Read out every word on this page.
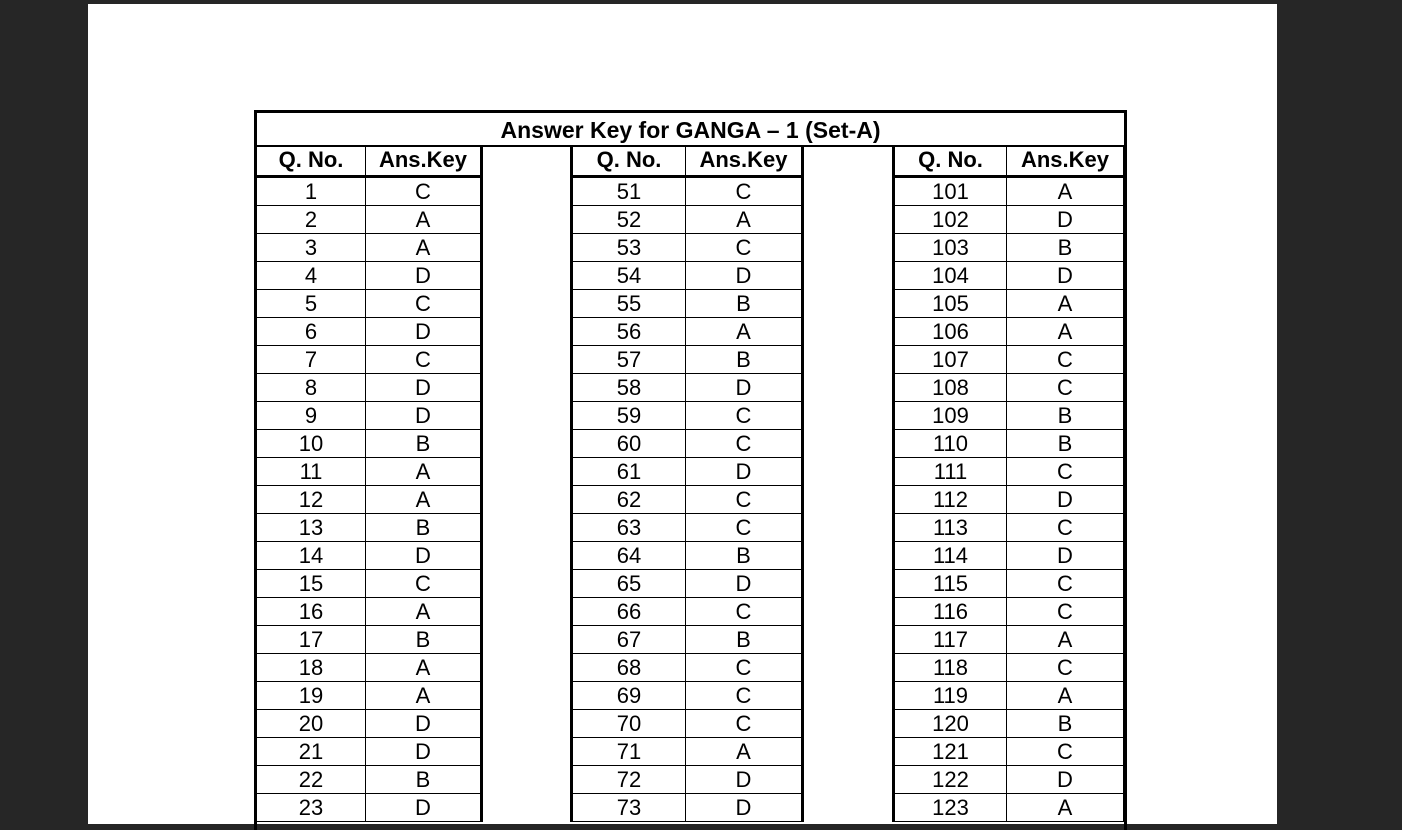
Answer Key for GANGA – 1 (Set-A)
Q. No.	Ans.Key
1	C
2	A
3	A
4	D
5	C
6	D
7	C
8	D
9	D
10	B
11	A
12	A
13	B
14	D
15	C
16	A
17	B
18	A
19	A
20	D
21	D
22	B
23	D
Q. No.	Ans.Key
51	C
52	A
53	C
54	D
55	B
56	A
57	B
58	D
59	C
60	C
61	D
62	C
63	C
64	B
65	D
66	C
67	B
68	C
69	C
70	C
71	A
72	D
73	D
Q. No.	Ans.Key
101	A
102	D
103	B
104	D
105	A
106	A
107	C
108	C
109	B
110	B
111	C
112	D
113	C
114	D
115	C
116	C
117	A
118	C
119	A
120	B
121	C
122	D
123	A
